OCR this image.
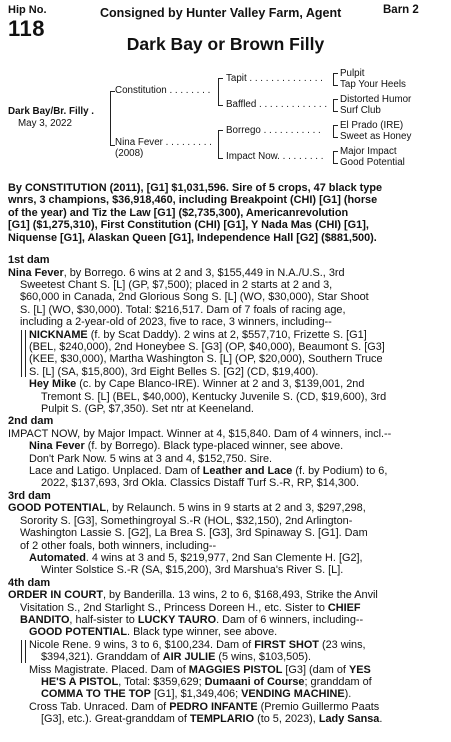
Hip No.
118
Consigned by Hunter Valley Farm, Agent	Barn 2
Dark Bay or Brown Filly
Dark Bay/Br. Filly .
May 3, 2022
Constitution . . . . . . . .
Nina Fever . . . . . . . . .
(2008)
Tapit . . . . . . . . . . . . . .
Baffled . . . . . . . . . . . . .
Borrego . . . . . . . . . . .
Impact Now. . . . . . . . .
Pulpit
Tap Your Heels
Distorted Humor
Surf Club
El Prado (IRE)
Sweet as Honey
Major Impact
Good Potential
By CONSTITUTION (2011), [G1] $1,031,596. Sire of 5 crops, 47 black type
wnrs, 3 champions, $36,918,460, including Breakpoint (CHI) [G1] (horse
of the year) and Tiz the Law [G1] ($2,735,300), Americanrevolution
[G1] ($1,275,310), First Constitution (CHI) [G1], Y Nada Mas (CHI) [G1],
Niquense [G1], Alaskan Queen [G1], Independence Hall [G2] ($881,500).
1st dam
Nina Fever, by Borrego. 6 wins at 2 and 3, $155,449 in N.A./U.S., 3rd
Sweetest Chant S. [L] (GP, $7,500); placed in 2 starts at 2 and 3,
$60,000 in Canada, 2nd Glorious Song S. [L] (WO, $30,000), Star Shoot
S. [L] (WO, $30,000). Total: $216,517. Dam of 7 foals of racing age,
including a 2-year-old of 2023, five to race, 3 winners, including--
NICKNAME (f. by Scat Daddy). 2 wins at 2, $557,710, Frizette S. [G1]
(BEL, $240,000), 2nd Honeybee S. [G3] (OP, $40,000), Beaumont S. [G3]
(KEE, $30,000), Martha Washington S. [L] (OP, $20,000), Southern Truce
S. [L] (SA, $15,800), 3rd Eight Belles S. [G2] (CD, $19,400).
Hey Mike (c. by Cape Blanco-IRE). Winner at 2 and 3, $139,001, 2nd
Tremont S. [L] (BEL, $40,000), Kentucky Juvenile S. (CD, $19,600), 3rd
Pulpit S. (GP, $7,350). Set ntr at Keeneland.
2nd dam
IMPACT NOW, by Major Impact. Winner at 4, $15,840. Dam of 4 winners, incl.--
Nina Fever (f. by Borrego). Black type-placed winner, see above.
Don't Park Now. 5 wins at 3 and 4, $152,750. Sire.
Lace and Latigo. Unplaced. Dam of Leather and Lace (f. by Podium) to 6,
2022, $137,693, 3rd Okla. Classics Distaff Turf S.-R, RP, $14,300.
3rd dam
GOOD POTENTIAL, by Relaunch. 5 wins in 9 starts at 2 and 3, $297,298,
Sorority S. [G3], Somethingroyal S.-R (HOL, $32,150), 2nd Arlington-
Washington Lassie S. [G2], La Brea S. [G3], 3rd Spinaway S. [G1]. Dam
of 2 other foals, both winners, including--
Automated. 4 wins at 3 and 5, $219,977, 2nd San Clemente H. [G2],
Winter Solstice S.-R (SA, $15,200), 3rd Marshua's River S. [L].
4th dam
ORDER IN COURT, by Banderilla. 13 wins, 2 to 6, $168,493, Strike the Anvil
Visitation S., 2nd Starlight S., Princess Doreen H., etc. Sister to CHIEF
BANDITO, half-sister to LUCKY TAURO. Dam of 6 winners, including--
GOOD POTENTIAL. Black type winner, see above.
Nicole Rene. 9 wins, 3 to 6, $100,234. Dam of FIRST SHOT (23 wins,
$394,321). Granddam of AIR JULIE (5 wins, $103,505).
Miss Magistrate. Placed. Dam of MAGGIES PISTOL [G3] (dam of YES
HE'S A PISTOL, Total: $359,629; Dumaani of Course; granddam of
COMMA TO THE TOP [G1], $1,349,406; VENDING MACHINE).
Cross Tab. Unraced. Dam of PEDRO INFANTE (Premio Guillermo Paats
[G3], etc.). Great-granddam of TEMPLARIO (to 5, 2023), Lady Sansa.
